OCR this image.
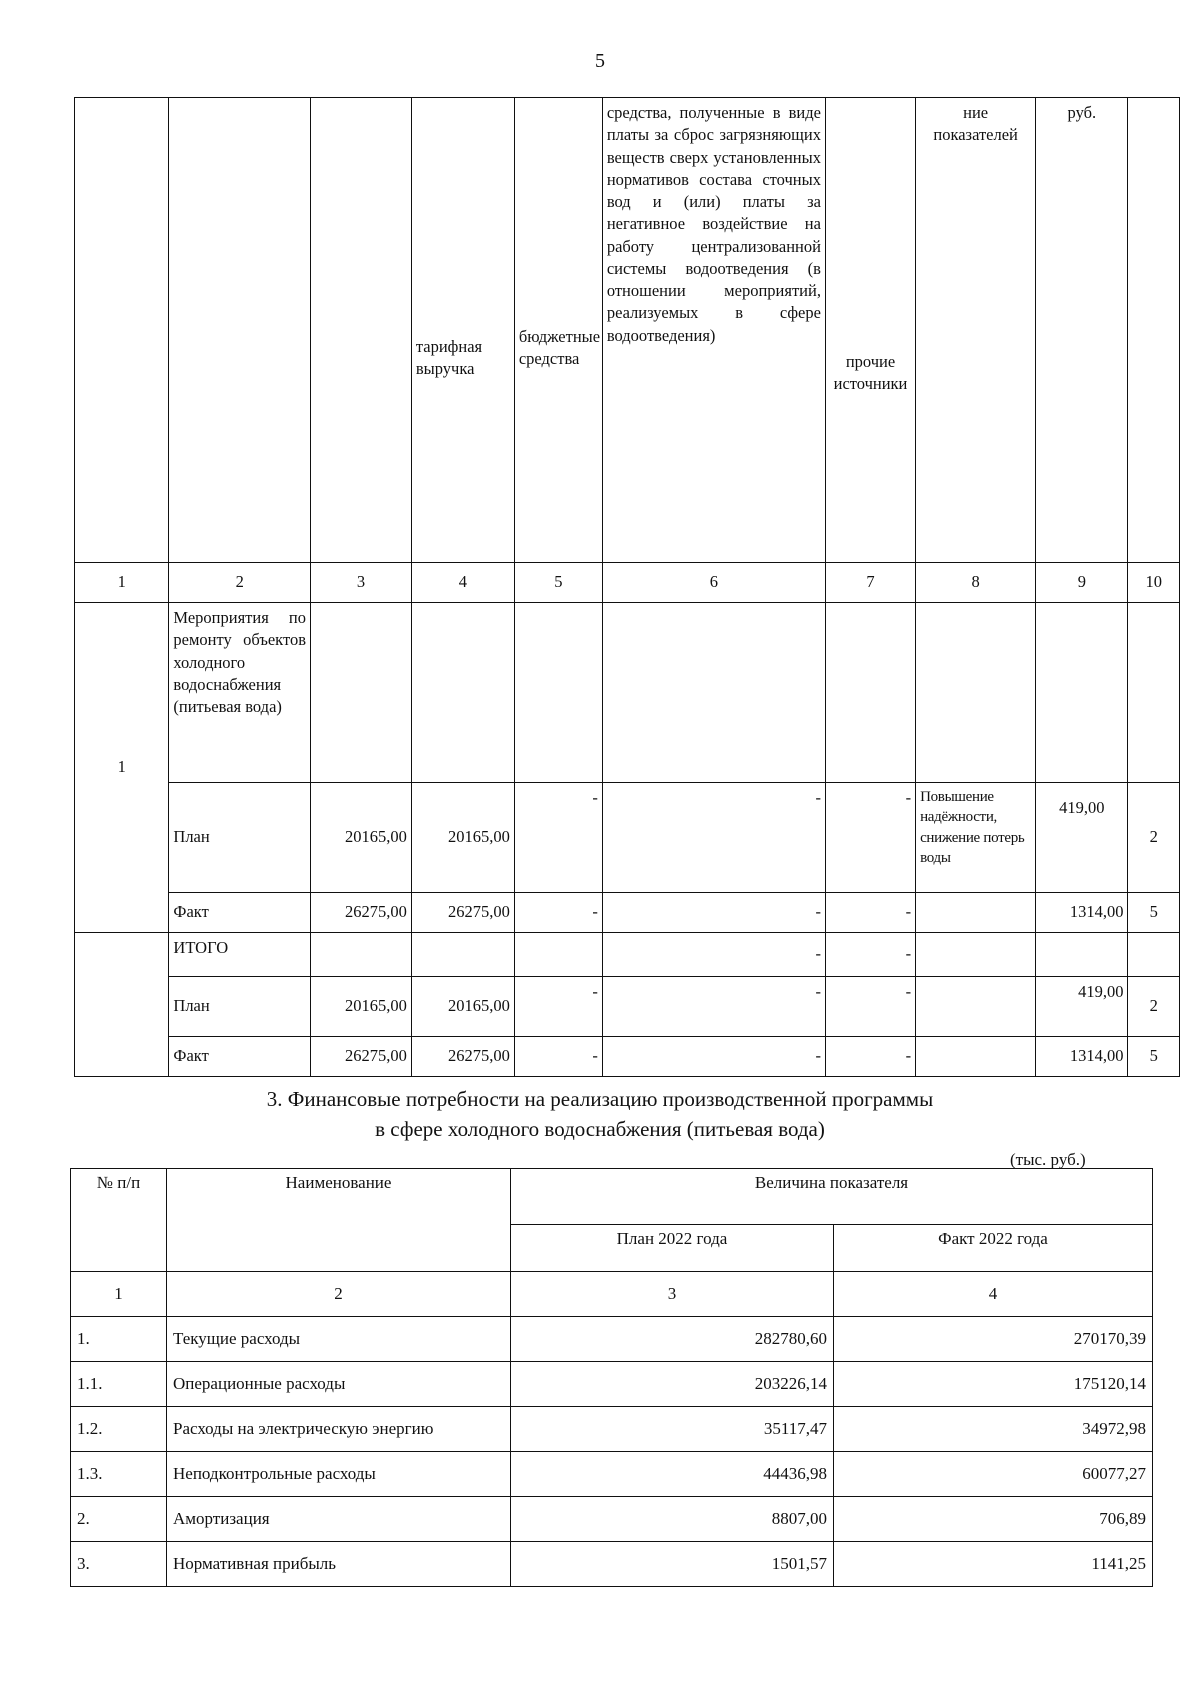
5
			тарифная выручка	бюджетные средства	средства, полученные в виде платы за сброс загрязняющих веществ сверх установленных нормативов состава сточных вод и (или) платы за негативное воздействие на работу централизованной системы водоотведения (в отношении мероприятий, реализуемых в сфере водоотведения)	прочие источники	ние показателей	руб.	
1	2	3	4	5	6	7	8	9	10
1	Мероприятия по ремонту объектов холодного водоснабжения (питьевая вода)								
	План	20165,00	20165,00	-	-	-	Повышение надёжности, снижение потерь воды	419,00	2
	Факт	26275,00	26275,00	-	-	-		1314,00	5
	ИТОГО				-	-			
	План	20165,00	20165,00	-	-	-		419,00	2
	Факт	26275,00	26275,00	-	-	-		1314,00	5
3. Финансовые потребности на реализацию производственной программы
в сфере холодного водоснабжения (питьевая вода)
(тыс. руб.)
№ п/п	Наименование	Величина показателя	
		План 2022 года	Факт 2022 года
1	2	3	4
1.	Текущие расходы	282780,60	270170,39
1.1.	Операционные расходы	203226,14	175120,14
1.2.	Расходы на электрическую энергию	35117,47	34972,98
1.3.	Неподконтрольные расходы	44436,98	60077,27
2.	Амортизация	8807,00	706,89
3.	Нормативная прибыль	1501,57	1141,25
